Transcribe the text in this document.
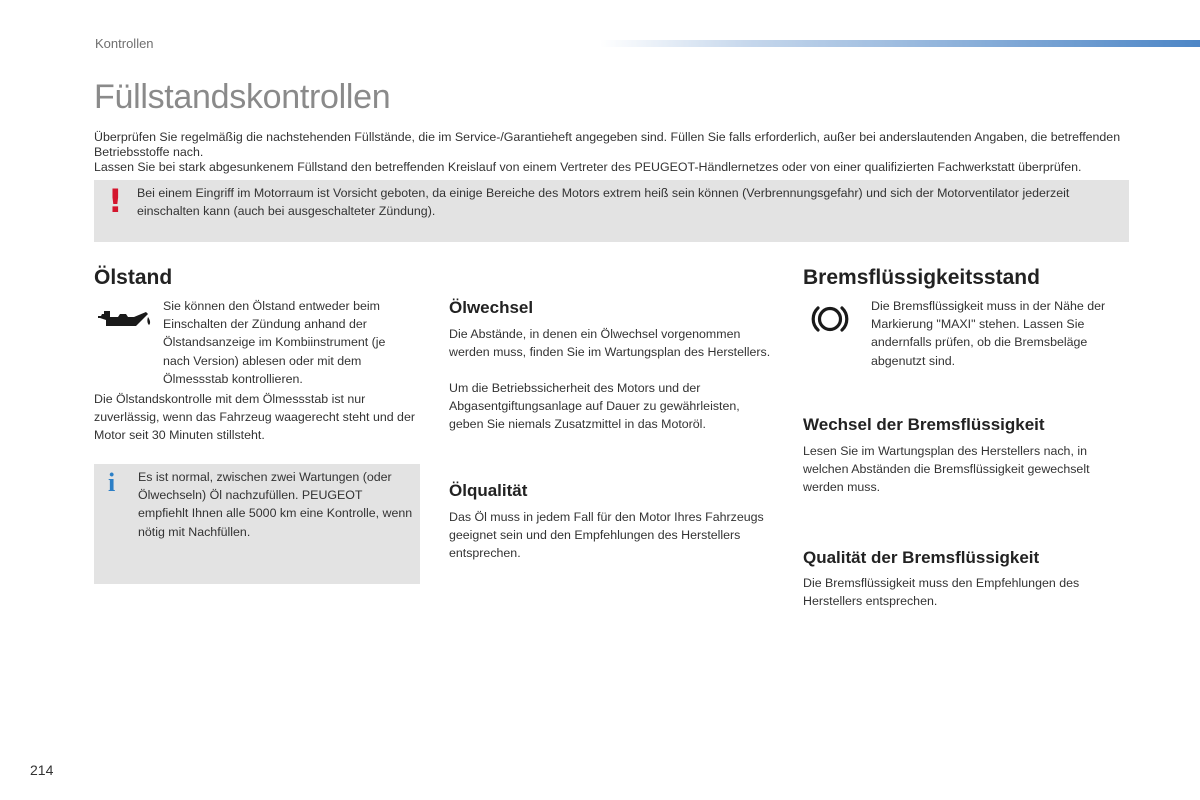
Kontrollen
Füllstandskontrollen

Überprüfen Sie regelmäßig die nachstehenden Füllstände, die im Service-/Garantieheft angegeben sind. Füllen Sie falls erforderlich, außer bei anderslautenden Angaben, die betreffenden Betriebsstoffe nach.

Lassen Sie bei stark abgesunkenem Füllstand den betreffenden Kreislauf von einem Vertreter des PEUGEOT-Händlernetzes oder von einer qualifizierten Fachwerkstatt überprüfen.

! Bei einem Eingriff im Motorraum ist Vorsicht geboten, da einige Bereiche des Motors extrem heiß sein können (Verbrennungsgefahr) und sich der Motorventilator jederzeit einschalten kann (auch bei ausgeschalteter Zündung).
Ölstand

Sie können den Ölstand entweder beim Einschalten der Zündung anhand der Ölstandsanzeige im Kombiinstrument (je nach Version) ablesen oder mit dem Ölmessstab kontrollieren.

Die Ölstandskontrolle mit dem Ölmessstab ist nur zuverlässig, wenn das Fahrzeug waagerecht steht und der Motor seit 30 Minuten stillsteht.

i Es ist normal, zwischen zwei Wartungen (oder Ölwechseln) Öl nachzufüllen. PEUGEOT empfiehlt Ihnen alle 5000 km eine Kontrolle, wenn nötig mit Nachfüllen.

Ölwechsel

Die Abstände, in denen ein Ölwechsel vorgenommen werden muss, finden Sie im Wartungsplan des Herstellers.

Um die Betriebssicherheit des Motors und der Abgasentgiftungsanlage auf Dauer zu gewährleisten, geben Sie niemals Zusatzmittel in das Motoröl.

Ölqualität

Das Öl muss in jedem Fall für den Motor Ihres Fahrzeugs geeignet sein und den Empfehlungen des Herstellers entsprechen.

Bremsflüssigkeitsstand

Die Bremsflüssigkeit muss in der Nähe der Markierung "MAXI" stehen. Lassen Sie andernfalls prüfen, ob die Bremsbeläge abgenutzt sind.

Wechsel der Bremsflüssigkeit

Lesen Sie im Wartungsplan des Herstellers nach, in welchen Abständen die Bremsflüssigkeit gewechselt werden muss.

Qualität der Bremsflüssigkeit

Die Bremsflüssigkeit muss den Empfehlungen des Herstellers entsprechen.

214
